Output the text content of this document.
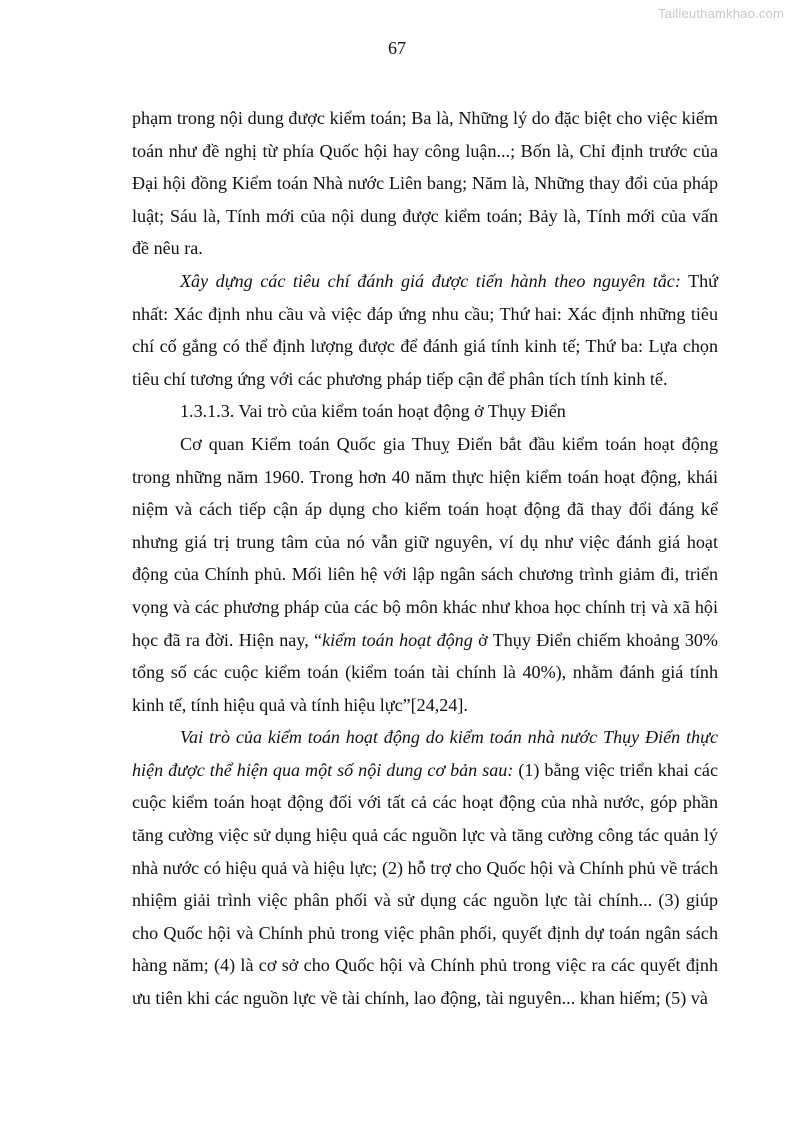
Tailieuthamkhao.com
67

phạm trong nội dung được kiểm toán; Ba là, Những lý do đặc biệt cho việc kiểm toán như đề nghị từ phía Quốc hội hay công luận...; Bốn là, Chỉ định trước của Đại hội đồng Kiểm toán Nhà nước Liên bang; Năm là, Những thay đổi của pháp luật; Sáu là, Tính mới của nội dung được kiểm toán; Bảy là, Tính mới của vấn đề nêu ra.

Xây dựng các tiêu chí đánh giá được tiến hành theo nguyên tắc: Thứ nhất: Xác định nhu cầu và việc đáp ứng nhu cầu; Thứ hai: Xác định những tiêu chí cố gắng có thể định lượng được để đánh giá tính kinh tế; Thứ ba: Lựa chọn tiêu chí tương ứng với các phương pháp tiếp cận để phân tích tính kinh tế.

1.3.1.3. Vai trò của kiểm toán hoạt động ở Thụy Điển

Cơ quan Kiểm toán Quốc gia Thuỵ Điển bắt đầu kiểm toán hoạt động trong những năm 1960. Trong hơn 40 năm thực hiện kiểm toán hoạt động, khái niệm và cách tiếp cận áp dụng cho kiểm toán hoạt động đã thay đổi đáng kể nhưng giá trị trung tâm của nó vẫn giữ nguyên, ví dụ như việc đánh giá hoạt động của Chính phủ. Mối liên hệ với lập ngân sách chương trình giảm đi, triển vọng và các phương pháp của các bộ môn khác như khoa học chính trị và xã hội học đã ra đời. Hiện nay, “kiểm toán hoạt động ở Thụy Điển chiếm khoảng 30% tổng số các cuộc kiểm toán (kiểm toán tài chính là 40%), nhằm đánh giá tính kinh tế, tính hiệu quả và tính hiệu lực”[24,24].

Vai trò của kiểm toán hoạt động do kiểm toán nhà nước Thụy Điển thực hiện được thể hiện qua một số nội dung cơ bản sau: (1) bằng việc triển khai các cuộc kiểm toán hoạt động đối với tất cả các hoạt động của nhà nước, góp phần tăng cường việc sử dụng hiệu quả các nguồn lực và tăng cường công tác quản lý nhà nước có hiệu quả và hiệu lực; (2) hỗ trợ cho Quốc hội và Chính phủ về trách nhiệm giải trình việc phân phối và sử dụng các nguồn lực tài chính... (3) giúp cho Quốc hội và Chính phủ trong việc phân phối, quyết định dự toán ngân sách hàng năm; (4) là cơ sở cho Quốc hội và Chính phủ trong việc ra các quyết định ưu tiên khi các nguồn lực về tài chính, lao động, tài nguyên... khan hiếm; (5) và
